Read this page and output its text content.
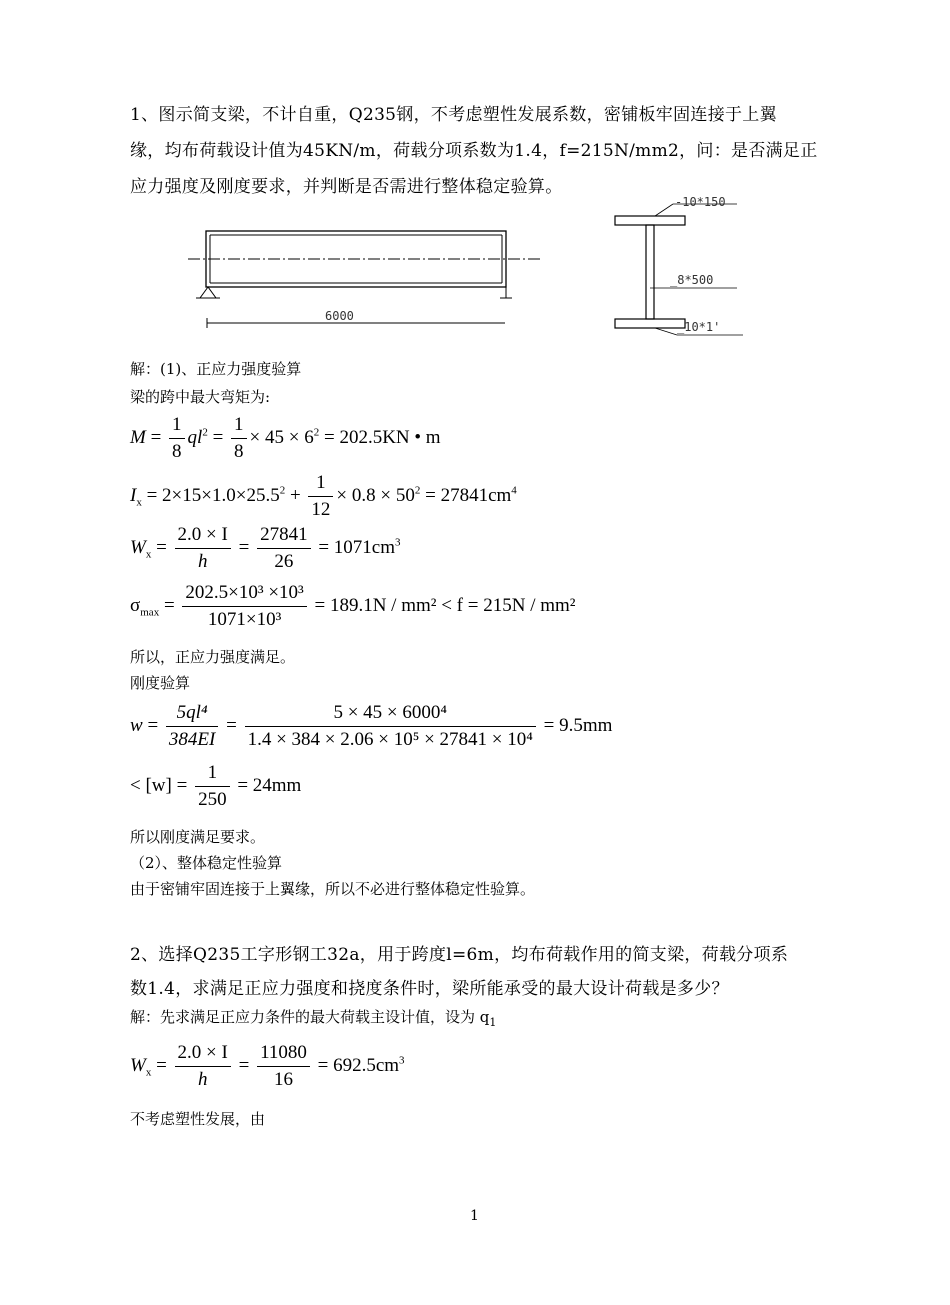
1、图示简支梁，不计自重，Q235钢，不考虑塑性发展系数，密铺板牢固连接于上翼
缘，均布荷载设计值为45KN/m，荷载分项系数为1.4，f=215N/mm2，问：是否满足正
应力强度及刚度要求，并判断是否需进行整体稳定验算。
6000
-10*150
_8*500
_10*1'
解：(1)、正应力强度验算
梁的跨中最大弯矩为:
$M = \frac{1}{8} ql^2 = \frac{1}{8} \times 45 \times 6^2 = 202.5KN$ • m
$I_x = 2\times 15\times 1.0\times 25.5^2 + \frac{1}{12} \times 0.8 \times 50^2 = 27841cm^4$
$W_x = \frac{2.0 \times I}{h} = \frac{27841}{26} = 1071cm^3$
$\sigma_{max} = \frac{\text{202.5×10³ ×10³}}{\text{1071×10³}} = 189.1N / mm^2 < f = 215N / mm^2$
所以，正应力强度满足。
刚度验算
$w = \frac{\text{5ql⁴}}{384EI} = \frac{\text{5 × 45 × 6000⁴}}{\text{1.4 × 384 × 2.06 × 10⁵ × 27841 × 10⁴}} = 9.5mm$
< $[w] = \frac{1}{250} = 24mm$
所以刚度满足要求。
（2）、整体稳定性验算
由于密铺牢固连接于上翼缘，所以不必进行整体稳定性验算。
2、选择Q235工字形钢工32a，用于跨度l=6m，均布荷载作用的简支梁，荷载分项系
数1.4，求满足正应力强度和挠度条件时，梁所能承受的最大设计荷载是多少？
解：先求满足正应力条件的最大荷载主设计值，设为 $q_1$
$W_x = \frac{2.0 \times I}{h} = \frac{11080}{16} = 692.5cm^3$
不考虑塑性发展，由
1
